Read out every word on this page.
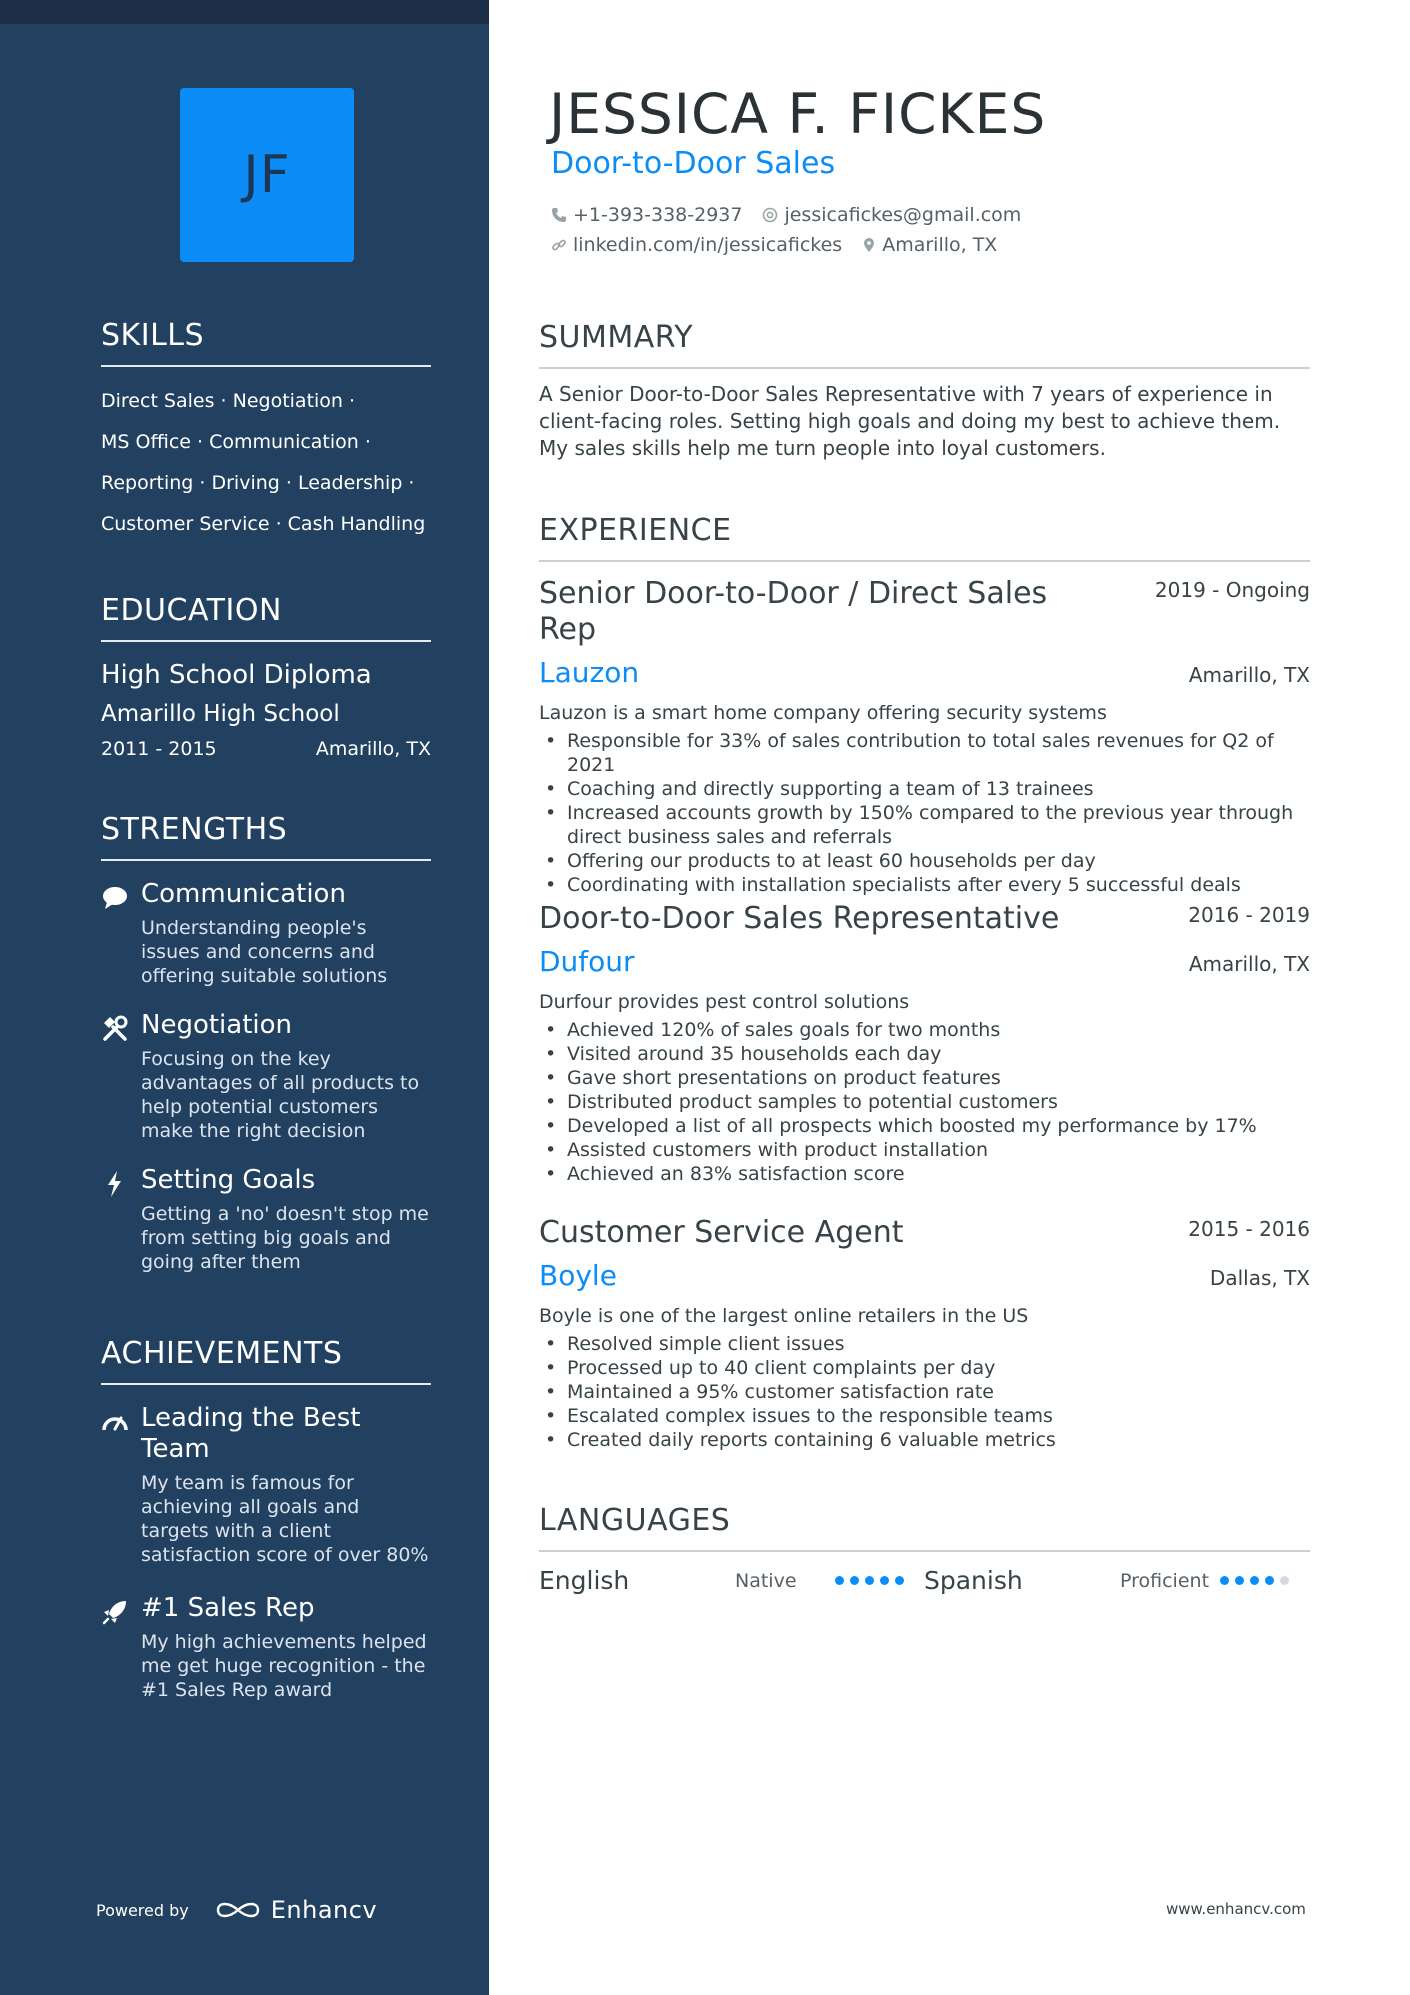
JF
SKILLS
Direct Sales · Negotiation ·
MS Office · Communication ·
Reporting · Driving · Leadership ·
Customer Service · Cash Handling
EDUCATION
High School Diploma
Amarillo High School
2011 - 2015	Amarillo, TX
STRENGTHS
Communication
Understanding people's issues and concerns and offering suitable solutions
Negotiation
Focusing on the key advantages of all products to help potential customers make the right decision
Setting Goals
Getting a 'no' doesn't stop me from setting big goals and going after them
ACHIEVEMENTS
Leading the Best Team
My team is famous for achieving all goals and targets with a client satisfaction score of over 80%
#1 Sales Rep
My high achievements helped me get huge recognition - the #1 Sales Rep award
Powered by	Enhancv
JESSICA F. FICKES
Door-to-Door Sales
+1-393-338-2937 jessicafickes@gmail.com
linkedin.com/in/jessicafickes Amarillo, TX
SUMMARY
A Senior Door-to-Door Sales Representative with 7 years of experience in client-facing roles. Setting high goals and doing my best to achieve them. My sales skills help me turn people into loyal customers.
EXPERIENCE
Senior Door-to-Door / Direct Sales Rep
2019 - Ongoing
Lauzon	Amarillo, TX
Lauzon is a smart home company offering security systems
• Responsible for 33% of sales contribution to total sales revenues for Q2 of 2021
• Coaching and directly supporting a team of 13 trainees
• Increased accounts growth by 150% compared to the previous year through direct business sales and referrals
• Offering our products to at least 60 households per day
• Coordinating with installation specialists after every 5 successful deals
Door-to-Door Sales Representative	2016 - 2019
Dufour	Amarillo, TX
Durfour provides pest control solutions
• Achieved 120% of sales goals for two months
• Visited around 35 households each day
• Gave short presentations on product features
• Distributed product samples to potential customers
• Developed a list of all prospects which boosted my performance by 17%
• Assisted customers with product installation
• Achieved an 83% satisfaction score
Customer Service Agent	2015 - 2016
Boyle	Dallas, TX
Boyle is one of the largest online retailers in the US
• Resolved simple client issues
• Processed up to 40 client complaints per day
• Maintained a 95% customer satisfaction rate
• Escalated complex issues to the responsible teams
• Created daily reports containing 6 valuable metrics
LANGUAGES
English	Native	Spanish	Proficient
www.enhancv.com
